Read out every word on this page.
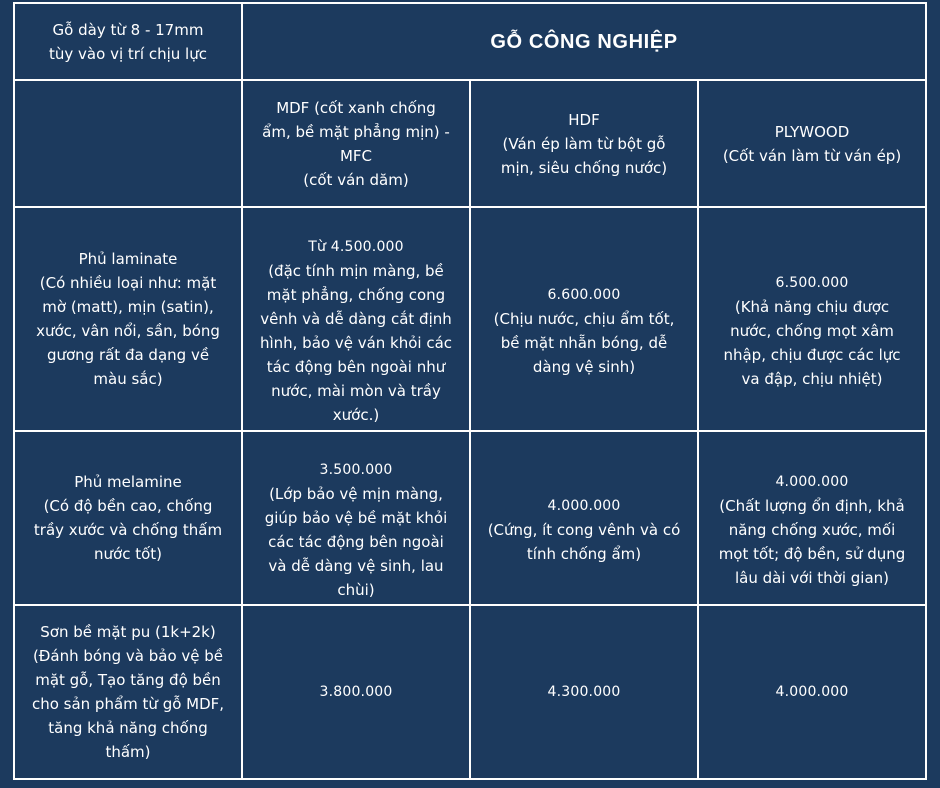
Gỗ dày từ 8 - 17mm
tùy vào vị trí chịu lực
GỖ CÔNG NGHIỆP
MDF (cốt xanh chống
ẩm, bề mặt phẳng mịn) -
MFC
(cốt ván dăm)
HDF
(Ván ép làm từ bột gỗ
mịn, siêu chống nước)
PLYWOOD
(Cốt ván làm từ ván ép)
Phủ laminate
(Có nhiều loại như: mặt
mờ (matt), mịn (satin),
xước, vân nổi, sần, bóng
gương rất đa dạng về
màu sắc)

Từ 4.500.000
(đặc tính mịn màng, bề
mặt phẳng, chống cong
vênh và dễ dàng cắt định
hình, bảo vệ ván khỏi các
tác động bên ngoài như
nước, mài mòn và trầy
xước.)

6.600.000
(Chịu nước, chịu ẩm tốt,
bề mặt nhẵn bóng, dễ
dàng vệ sinh)

6.500.000
(Khả năng chịu được
nước, chống mọt xâm
nhập, chịu được các lực
va đập, chịu nhiệt)

Phủ melamine
(Có độ bền cao, chống
trầy xước và chống thấm
nước tốt)

3.500.000
(Lớp bảo vệ mịn màng,
giúp bảo vệ bề mặt khỏi
các tác động bên ngoài
và dễ dàng vệ sinh, lau
chùi)

4.000.000
(Cứng, ít cong vênh và có
tính chống ẩm)

4.000.000
(Chất lượng ổn định, khả
năng chống xước, mối
mọt tốt; độ bền, sử dụng
lâu dài với thời gian)

Sơn bề mặt pu (1k+2k)
(Đánh bóng và bảo vệ bề
mặt gỗ, Tạo tăng độ bền
cho sản phẩm từ gỗ MDF,
tăng khả năng chống
thấm)

3.800.000	4.300.000	4.000.000
